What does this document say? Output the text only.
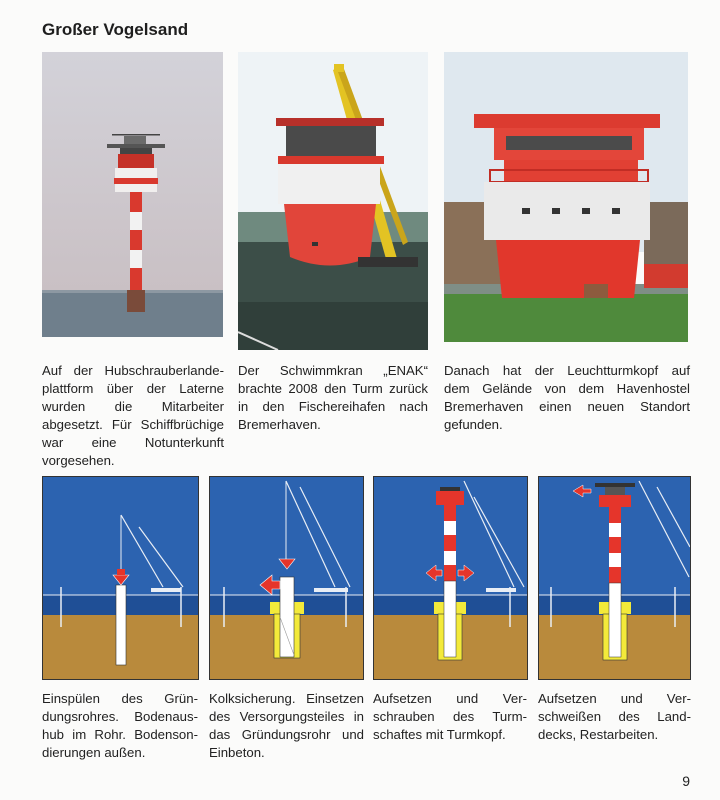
Großer Vogelsand
Auf der Hubschrauberlande-
plattform über der Laterne
wurden die Mitarbeiter
abgesetzt. Für Schiffbrüchige
war eine Notunterkunft
vorgesehen.
Der Schwimmkran „ENAK“
brachte 2008 den Turm zurück
in den Fischereihafen nach
Bremerhaven.
Danach hat der Leuchtturmkopf auf
dem Gelände von dem Havenhostel
Bremerhaven einen neuen Standort
gefunden.
Einspülen des Grün-
dungsrohres. Bodenaus-
hub im Rohr. Bodenson-
dierungen außen.
Kolksicherung. Einsetzen
des Versorgungsteiles in
das Gründungsrohr und
Einbeton.
Aufsetzen und Ver-
schrauben des Turm-
schaftes mit Turmkopf.
Aufsetzen und Ver-
schweißen des Land-
decks, Restarbeiten.
9
